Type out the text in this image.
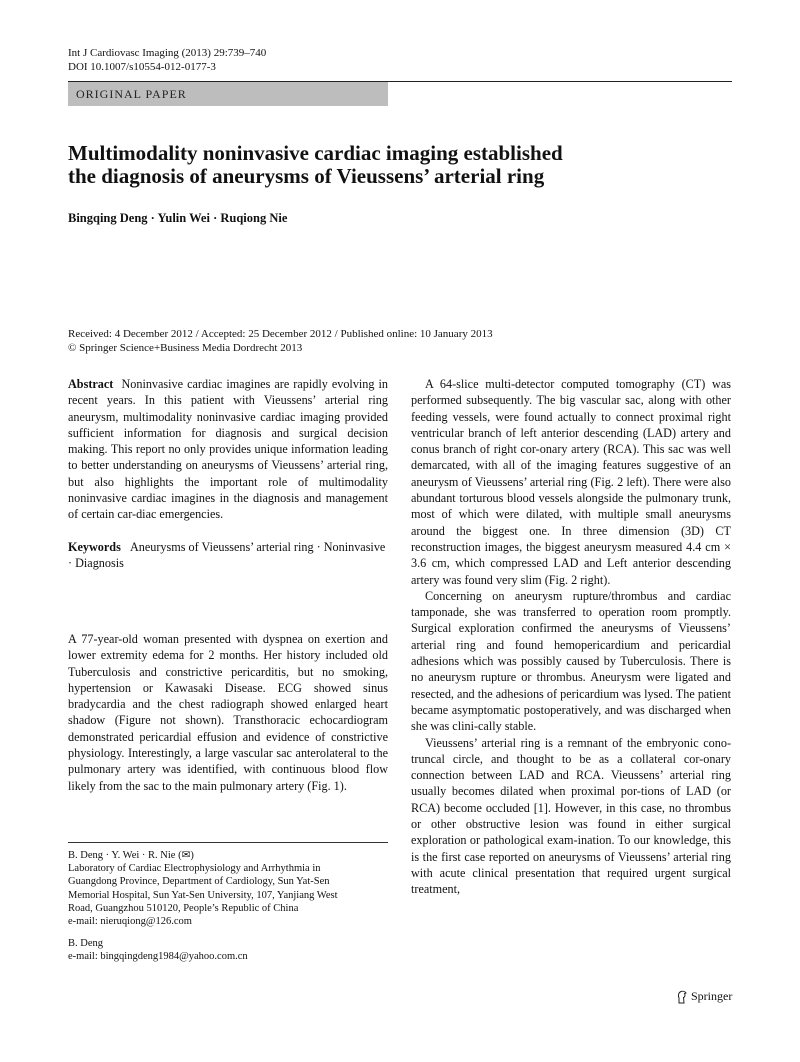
Int J Cardiovasc Imaging (2013) 29:739–740
DOI 10.1007/s10554-012-0177-3
ORIGINAL PAPER
Multimodality noninvasive cardiac imaging established
the diagnosis of aneurysms of Vieussens’ arterial ring
Bingqing Deng · Yulin Wei · Ruqiong Nie
Received: 4 December 2012 / Accepted: 25 December 2012 / Published online: 10 January 2013
© Springer Science+Business Media Dordrecht 2013

Abstract Noninvasive cardiac imagines are rapidly evolving in recent years. In this patient with Vieussens’ arterial ring aneurysm, multimodality noninvasive cardiac imaging provided sufficient information for diagnosis and surgical decision making. This report no only provides unique information leading to better understanding on aneurysms of Vieussens’ arterial ring, but also highlights the important role of multimodality noninvasive cardiac imagines in the diagnosis and management of certain car-diac emergencies.

Keywords Aneurysms of Vieussens’ arterial ring · Noninvasive · Diagnosis

A 77-year-old woman presented with dyspnea on exertion and lower extremity edema for 2 months. Her history included old Tuberculosis and constrictive pericarditis, but no smoking, hypertension or Kawasaki Disease. ECG showed sinus bradycardia and the chest radiograph showed enlarged heart shadow (Figure not shown). Transthoracic echocardiogram demonstrated pericardial effusion and evidence of constrictive physiology. Interestingly, a large vascular sac anterolateral to the pulmonary artery was identified, with continuous blood flow likely from the sac to the main pulmonary artery (Fig. 1).

B. Deng · Y. Wei · R. Nie (✉)
Laboratory of Cardiac Electrophysiology and Arrhythmia in
Guangdong Province, Department of Cardiology, Sun Yat-Sen
Memorial Hospital, Sun Yat-Sen University, 107, Yanjiang West
Road, Guangzhou 510120, People’s Republic of China
e-mail: nieruqiong@126.com
B. Deng
e-mail: bingqingdeng1984@yahoo.com.cn

A 64-slice multi-detector computed tomography (CT) was performed subsequently. The big vascular sac, along with other feeding vessels, were found actually to connect proximal right ventricular branch of left anterior descending (LAD) artery and conus branch of right cor-onary artery (RCA). This sac was well demarcated, with all of the imaging features suggestive of an aneurysm of Vieussens’ arterial ring (Fig. 2 left). There were also abundant torturous blood vessels alongside the pulmonary trunk, most of which were dilated, with multiple small aneurysms around the biggest one. In three dimension (3D) CT reconstruction images, the biggest aneurysm measured 4.4 cm × 3.6 cm, which compressed LAD and Left anterior descending artery was found very slim (Fig. 2 right).

Concerning on aneurysm rupture/thrombus and cardiac tamponade, she was transferred to operation room promptly. Surgical exploration confirmed the aneurysms of Vieussens’ arterial ring and found hemopericardium and pericardial adhesions which was possibly caused by Tuberculosis. There is no aneurysm rupture or thrombus. Aneurysm were ligated and resected, and the adhesions of pericardium was lysed. The patient became asymptomatic postoperatively, and was discharged when she was clini-cally stable.

Vieussens’ arterial ring is a remnant of the embryonic cono-truncal circle, and thought to be as a collateral cor-onary connection between LAD and RCA. Vieussens’ arterial ring usually becomes dilated when proximal por-tions of LAD (or RCA) become occluded [1]. However, in this case, no thrombus or other obstructive lesion was found in either surgical exploration or pathological exam-ination. To our knowledge, this is the first case reported on aneurysms of Vieussens’ arterial ring with acute clinical presentation that required urgent surgical treatment,

Springer
